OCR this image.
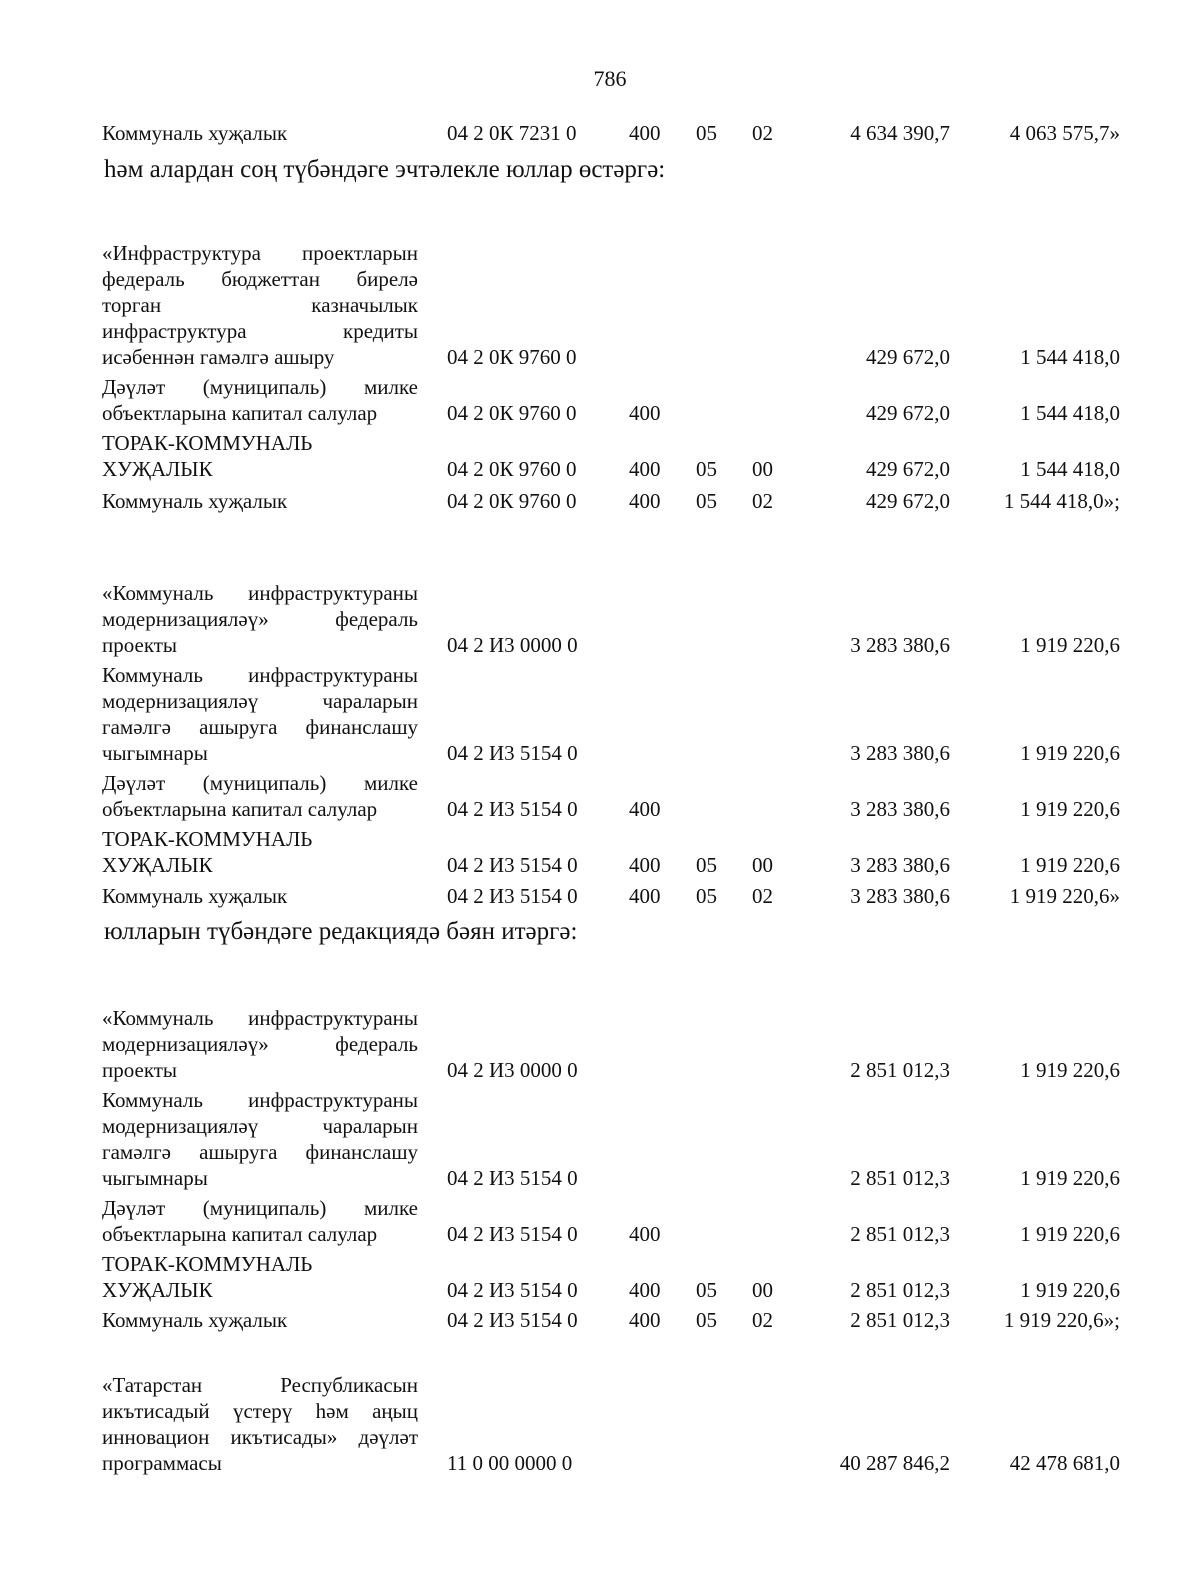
786
Коммуналь хуҗалык	04 2 0К 7231 0 400 05 02	4 634 390,7	4 063 575,7»
һәм алардан соң түбәндәге эчтәлекле юллар өстәргә:
«Инфраструктура проектларын федераль бюджеттан бирелә торган казначылык инфраструктура кредиты исәбеннән гамәлгә ашыру	04 2 0К 9760 0	429 672,0	1 544 418,0
Дәүләт (муниципаль) милке объектларына капитал салулар	04 2 0К 9760 0 400	429 672,0	1 544 418,0
ТОРАК-КОММУНАЛЬ ХУҖАЛЫК	04 2 0К 9760 0 400 05 00	429 672,0	1 544 418,0
Коммуналь хуҗалык	04 2 0К 9760 0 400 05 02	429 672,0	1 544 418,0»;
«Коммуналь инфраструктураны модернизацияләү» федераль проекты	04 2 И3 0000 0	3 283 380,6	1 919 220,6
Коммуналь инфраструктураны модернизацияләү чараларын гамәлгә ашыруга финанслашу чыгымнары	04 2 И3 5154 0	3 283 380,6	1 919 220,6
Дәүләт (муниципаль) милке объектларына капитал салулар	04 2 И3 5154 0 400	3 283 380,6	1 919 220,6
ТОРАК-КОММУНАЛЬ ХУҖАЛЫК	04 2 И3 5154 0 400 05 00	3 283 380,6	1 919 220,6
Коммуналь хуҗалык	04 2 И3 5154 0 400 05 02	3 283 380,6	1 919 220,6»
юлларын түбәндәге редакциядә бәян итәргә:
«Коммуналь инфраструктураны модернизацияләү» федераль проекты	04 2 И3 0000 0	2 851 012,3	1 919 220,6
Коммуналь инфраструктураны модернизацияләү чараларын гамәлгә ашыруга финанслашу чыгымнары	04 2 И3 5154 0	2 851 012,3	1 919 220,6
Дәүләт (муниципаль) милке объектларына капитал салулар	04 2 И3 5154 0 400	2 851 012,3	1 919 220,6
ТОРАК-КОММУНАЛЬ ХУҖАЛЫК	04 2 И3 5154 0 400 05 00	2 851 012,3	1 919 220,6
Коммуналь хуҗалык	04 2 И3 5154 0 400 05 02	2 851 012,3	1 919 220,6»;
«Татарстан Республикасын икътисадый үстерү һәм аңыц инновацион икътисады» дәүләт программасы	11 0 00 0000 0	40 287 846,2	42 478 681,0
